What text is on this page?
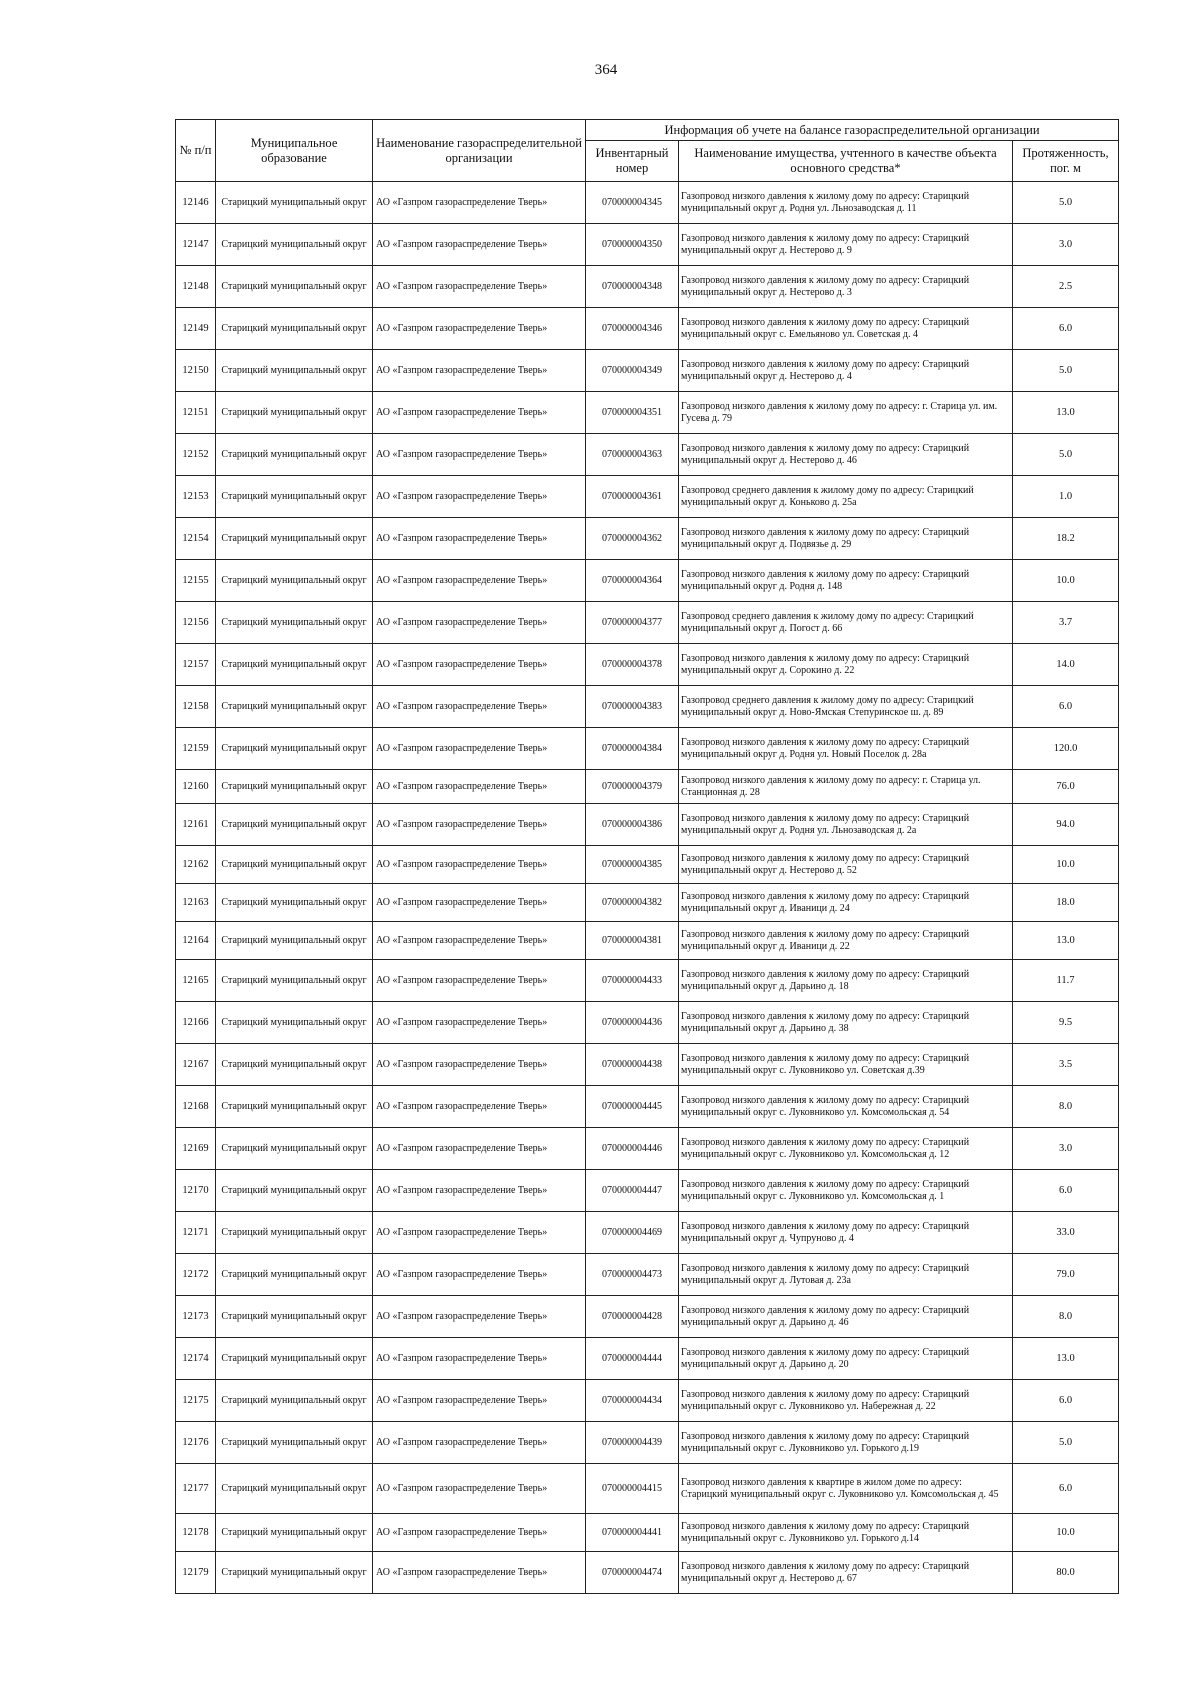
364
№ п/п	Муниципальное образование	Наименование газораспределительной организации	Информация об учете на балансе газораспределительной организации		
			Инвентарный номер	Наименование имущества, учтенного в качестве объекта основного средства*	Протяженность, пог. м
12146	Старицкий муниципальный округ	АО «Газпром газораспределение Тверь»	070000004345	Газопровод низкого давления к жилому дому по адресу: Старицкий муниципальный округ д. Родня ул. Льнозаводская д. 11	5.0
12147	Старицкий муниципальный округ	АО «Газпром газораспределение Тверь»	070000004350	Газопровод низкого давления к жилому дому по адресу: Старицкий муниципальный округ д. Нестерово д. 9	3.0
12148	Старицкий муниципальный округ	АО «Газпром газораспределение Тверь»	070000004348	Газопровод низкого давления к жилому дому по адресу: Старицкий муниципальный округ д. Нестерово д. 3	2.5
12149	Старицкий муниципальный округ	АО «Газпром газораспределение Тверь»	070000004346	Газопровод низкого давления к жилому дому по адресу: Старицкий муниципальный округ с. Емельяново ул. Советская д. 4	6.0
12150	Старицкий муниципальный округ	АО «Газпром газораспределение Тверь»	070000004349	Газопровод низкого давления к жилому дому по адресу: Старицкий муниципальный округ д. Нестерово д. 4	5.0
12151	Старицкий муниципальный округ	АО «Газпром газораспределение Тверь»	070000004351	Газопровод низкого давления к жилому дому по адресу: г. Старица ул. им. Гусева д. 79	13.0
12152	Старицкий муниципальный округ	АО «Газпром газораспределение Тверь»	070000004363	Газопровод низкого давления к жилому дому по адресу: Старицкий муниципальный округ д. Нестерово д. 46	5.0
12153	Старицкий муниципальный округ	АО «Газпром газораспределение Тверь»	070000004361	Газопровод среднего давления к жилому дому по адресу: Старицкий муниципальный округ д. Коньково д. 25а	1.0
12154	Старицкий муниципальный округ	АО «Газпром газораспределение Тверь»	070000004362	Газопровод низкого давления к жилому дому по адресу: Старицкий муниципальный округ д. Подвязье д. 29	18.2
12155	Старицкий муниципальный округ	АО «Газпром газораспределение Тверь»	070000004364	Газопровод низкого давления к жилому дому по адресу: Старицкий муниципальный округ д. Родня д. 148	10.0
12156	Старицкий муниципальный округ	АО «Газпром газораспределение Тверь»	070000004377	Газопровод среднего давления к жилому дому по адресу: Старицкий муниципальный округ д. Погост д. 66	3.7
12157	Старицкий муниципальный округ	АО «Газпром газораспределение Тверь»	070000004378	Газопровод низкого давления к жилому дому по адресу: Старицкий муниципальный округ д. Сорокино д. 22	14.0
12158	Старицкий муниципальный округ	АО «Газпром газораспределение Тверь»	070000004383	Газопровод среднего давления к жилому дому по адресу: Старицкий муниципальный округ д. Ново-Ямская Степуринское ш. д. 89	6.0
12159	Старицкий муниципальный округ	АО «Газпром газораспределение Тверь»	070000004384	Газопровод низкого давления к жилому дому по адресу: Старицкий муниципальный округ д. Родня ул. Новый Поселок д. 28а	120.0
12160	Старицкий муниципальный округ	АО «Газпром газораспределение Тверь»	070000004379	Газопровод низкого давления к жилому дому по адресу: г. Старица ул. Станционная д. 28	76.0
12161	Старицкий муниципальный округ	АО «Газпром газораспределение Тверь»	070000004386	Газопровод низкого давления к жилому дому по адресу: Старицкий муниципальный округ д. Родня ул. Льнозаводская д. 2а	94.0
12162	Старицкий муниципальный округ	АО «Газпром газораспределение Тверь»	070000004385	Газопровод низкого давления к жилому дому по адресу: Старицкий муниципальный округ д. Нестерово д. 52	10.0
12163	Старицкий муниципальный округ	АО «Газпром газораспределение Тверь»	070000004382	Газопровод низкого давления к жилому дому по адресу: Старицкий муниципальный округ д. Иваници д. 24	18.0
12164	Старицкий муниципальный округ	АО «Газпром газораспределение Тверь»	070000004381	Газопровод низкого давления к жилому дому по адресу: Старицкий муниципальный округ д. Иваници д. 22	13.0
12165	Старицкий муниципальный округ	АО «Газпром газораспределение Тверь»	070000004433	Газопровод низкого давления к жилому дому по адресу: Старицкий муниципальный округ д. Дарьино д. 18	11.7
12166	Старицкий муниципальный округ	АО «Газпром газораспределение Тверь»	070000004436	Газопровод низкого давления к жилому дому по адресу: Старицкий муниципальный округ д. Дарьино д. 38	9.5
12167	Старицкий муниципальный округ	АО «Газпром газораспределение Тверь»	070000004438	Газопровод низкого давления к жилому дому по адресу: Старицкий муниципальный округ с. Луковниково ул. Советская д.39	3.5
12168	Старицкий муниципальный округ	АО «Газпром газораспределение Тверь»	070000004445	Газопровод низкого давления к жилому дому по адресу: Старицкий муниципальный округ с. Луковниково ул. Комсомольская д. 54	8.0
12169	Старицкий муниципальный округ	АО «Газпром газораспределение Тверь»	070000004446	Газопровод низкого давления к жилому дому по адресу: Старицкий муниципальный округ с. Луковниково ул. Комсомольская д. 12	3.0
12170	Старицкий муниципальный округ	АО «Газпром газораспределение Тверь»	070000004447	Газопровод низкого давления к жилому дому по адресу: Старицкий муниципальный округ с. Луковниково ул. Комсомольская д. 1	6.0
12171	Старицкий муниципальный округ	АО «Газпром газораспределение Тверь»	070000004469	Газопровод низкого давления к жилому дому по адресу: Старицкий муниципальный округ д. Чупруново д. 4	33.0
12172	Старицкий муниципальный округ	АО «Газпром газораспределение Тверь»	070000004473	Газопровод низкого давления к жилому дому по адресу: Старицкий муниципальный округ д. Лутовая д. 23а	79.0
12173	Старицкий муниципальный округ	АО «Газпром газораспределение Тверь»	070000004428	Газопровод низкого давления к жилому дому по адресу: Старицкий муниципальный округ д. Дарьино д. 46	8.0
12174	Старицкий муниципальный округ	АО «Газпром газораспределение Тверь»	070000004444	Газопровод низкого давления к жилому дому по адресу: Старицкий муниципальный округ д. Дарьино д. 20	13.0
12175	Старицкий муниципальный округ	АО «Газпром газораспределение Тверь»	070000004434	Газопровод низкого давления к жилому дому по адресу: Старицкий муниципальный округ с. Луковниково ул. Набережная д. 22	6.0
12176	Старицкий муниципальный округ	АО «Газпром газораспределение Тверь»	070000004439	Газопровод низкого давления к жилому дому по адресу: Старицкий муниципальный округ с. Луковниково ул. Горького д.19	5.0
12177	Старицкий муниципальный округ	АО «Газпром газораспределение Тверь»	070000004415	Газопровод низкого давления к квартире в жилом доме по адресу: Старицкий муниципальный округ с. Луковниково ул. Комсомольская д. 45	6.0
12178	Старицкий муниципальный округ	АО «Газпром газораспределение Тверь»	070000004441	Газопровод низкого давления к жилому дому по адресу: Старицкий муниципальный округ с. Луковниково ул. Горького д.14	10.0
12179	Старицкий муниципальный округ	АО «Газпром газораспределение Тверь»	070000004474	Газопровод низкого давления к жилому дому по адресу: Старицкий муниципальный округ д. Нестерово д. 67	80.0
